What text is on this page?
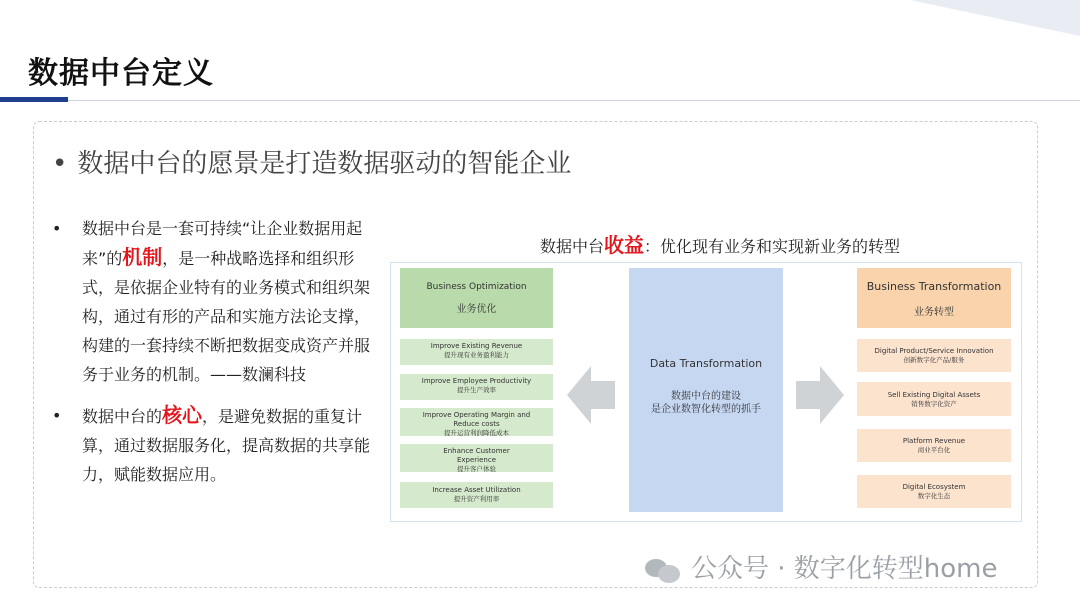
数据中台定义
• 数据中台的愿景是打造数据驱动的智能企业
• 数据中台是一套可持续“让企业数据用起来”的机制，是一种战略选择和组织形式，是依据企业特有的业务模式和组织架构，通过有形的产品和实施方法论支撑，构建的一套持续不断把数据变成资产并服务于业务的机制。——数澜科技
• 数据中台的核心，是避免数据的重复计算，通过数据服务化，提高数据的共享能力，赋能数据应用。
数据中台收益：优化现有业务和实现新业务的转型
Business Optimization
业务优化
Improve Existing Revenue
提升现有业务盈利能力
Improve Employee Productivity
提升生产效率
Improve Operating Margin and Reduce costs
提升运营利润降低成本
Enhance Customer Experience
提升客户体验
Increase Asset Utilization
提升资产利用率
Data Transformation
数据中台的建设
是企业数智化转型的抓手
Business Transformation
业务转型
Digital Product/Service Innovation
创新数字化产品/服务
Sell Existing Digital Assets
销售数字化资产
Platform Revenue
商业平台化
Digital Ecosystem
数字化生态
公众号 · 数字化转型home
